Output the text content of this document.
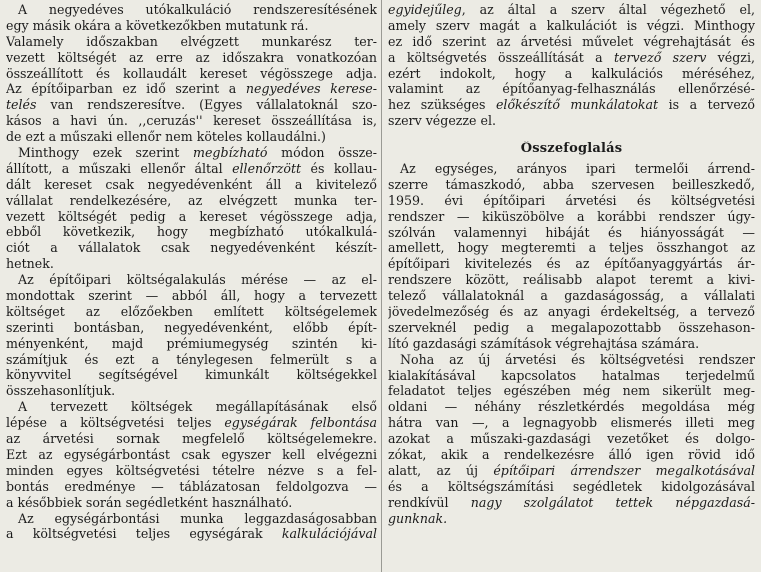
A negyedéves utókalkuláció rendszeresítésének
egy másik okára a következőkben mutatunk rá.
Valamely időszakban elvégzett munkarész ter-
vezett költségét az erre az időszakra vonatkozóan
összeállított és kollaudált kereset végösszege adja.
Az építőiparban ez idő szerint a negyedéves kerese-
telés van rendszeresítve. (Egyes vállalatoknál szo-
kásos a havi ún. ,,ceruzás'' kereset összeállítása is,
de ezt a műszaki ellenőr nem köteles kollaudálni.)
Minthogy ezek szerint megbízható módon össze-
állított, a műszaki ellenőr által ellenőrzött és kollau-
dált kereset csak negyedévenként áll a kivitelező
vállalat rendelkezésére, az elvégzett munka ter-
vezett költségét pedig a kereset végösszege adja,
ebből következik, hogy megbízható utókalkulá-
ciót a vállalatok csak negyedévenként készít-
hetnek.
Az építőipari költségalakulás mérése — az el-
mondottak szerint — abból áll, hogy a tervezett
költséget az előzőekben említett költségelemek
szerinti bontásban, negyedévenként, előbb épít-
ményenként, majd prémiumegység szintén ki-
számítjuk és ezt a ténylegesen felmerült s a
könyvvitel segítségével kimunkált költségekkel
összehasonlítjuk.
A tervezett költségek megállapításának első
lépése a költségvetési teljes egységárak felbontása
az árvetési sornak megfelelő költségelemekre.
Ezt az egységárbontást csak egyszer kell elvégezni
minden egyes költségvetési tételre nézve s a fel-
bontás eredménye — táblázatosan feldolgozva —
a későbbiek során segédletként használható.
Az egységárbontási munka leggazdaságosabban
a költségvetési teljes egységárak kalkulációjával
egyidejűleg, az által a szerv által végezhető el,
amely szerv magát a kalkulációt is végzi. Minthogy
ez idő szerint az árvetési művelet végrehajtását és
a költségvetés összeállítását a tervező szerv végzi,
ezért indokolt, hogy a kalkulációs méréséhez,
valamint az építőanyag-felhasználás ellenőrzésé-
hez szükséges előkészítő munkálatokat is a tervező
szerv végezze el.
Összefoglalás
Az egységes, arányos ipari termelői árrend-
szerre támaszkodó, abba szervesen beilleszkedő,
1959. évi építőipari árvetési és költségvetési
rendszer — kiküszöbölve a korábbi rendszer úgy-
szólván valamennyi hibáját és hiányosságát —
amellett, hogy megteremti a teljes összhangot az
építőipari kivitelezés és az építőanyaggyártás ár-
rendszere között, reálisabb alapot teremt a kivi-
telező vállalatoknál a gazdaságosság, a vállalati
jövedelmezőség és az anyagi érdekeltség, a tervező
szerveknél pedig a megalapozottabb összehason-
lító gazdasági számítások végrehajtása számára.
Noha az új árvetési és költségvetési rendszer
kialakításával kapcsolatos hatalmas terjedelmű
feladatot teljes egészében még nem sikerült meg-
oldani — néhány részletkérdés megoldása még
hátra van —, a legnagyobb elismerés illeti meg
azokat a műszaki-gazdasági vezetőket és dolgo-
zókat, akik a rendelkezésre álló igen rövid idő
alatt, az új építőipari árrendszer megalkotásával
és a költségszámítási segédletek kidolgozásával
rendkívül nagy szolgálatot tettek népgazdasá-
gunknak.
